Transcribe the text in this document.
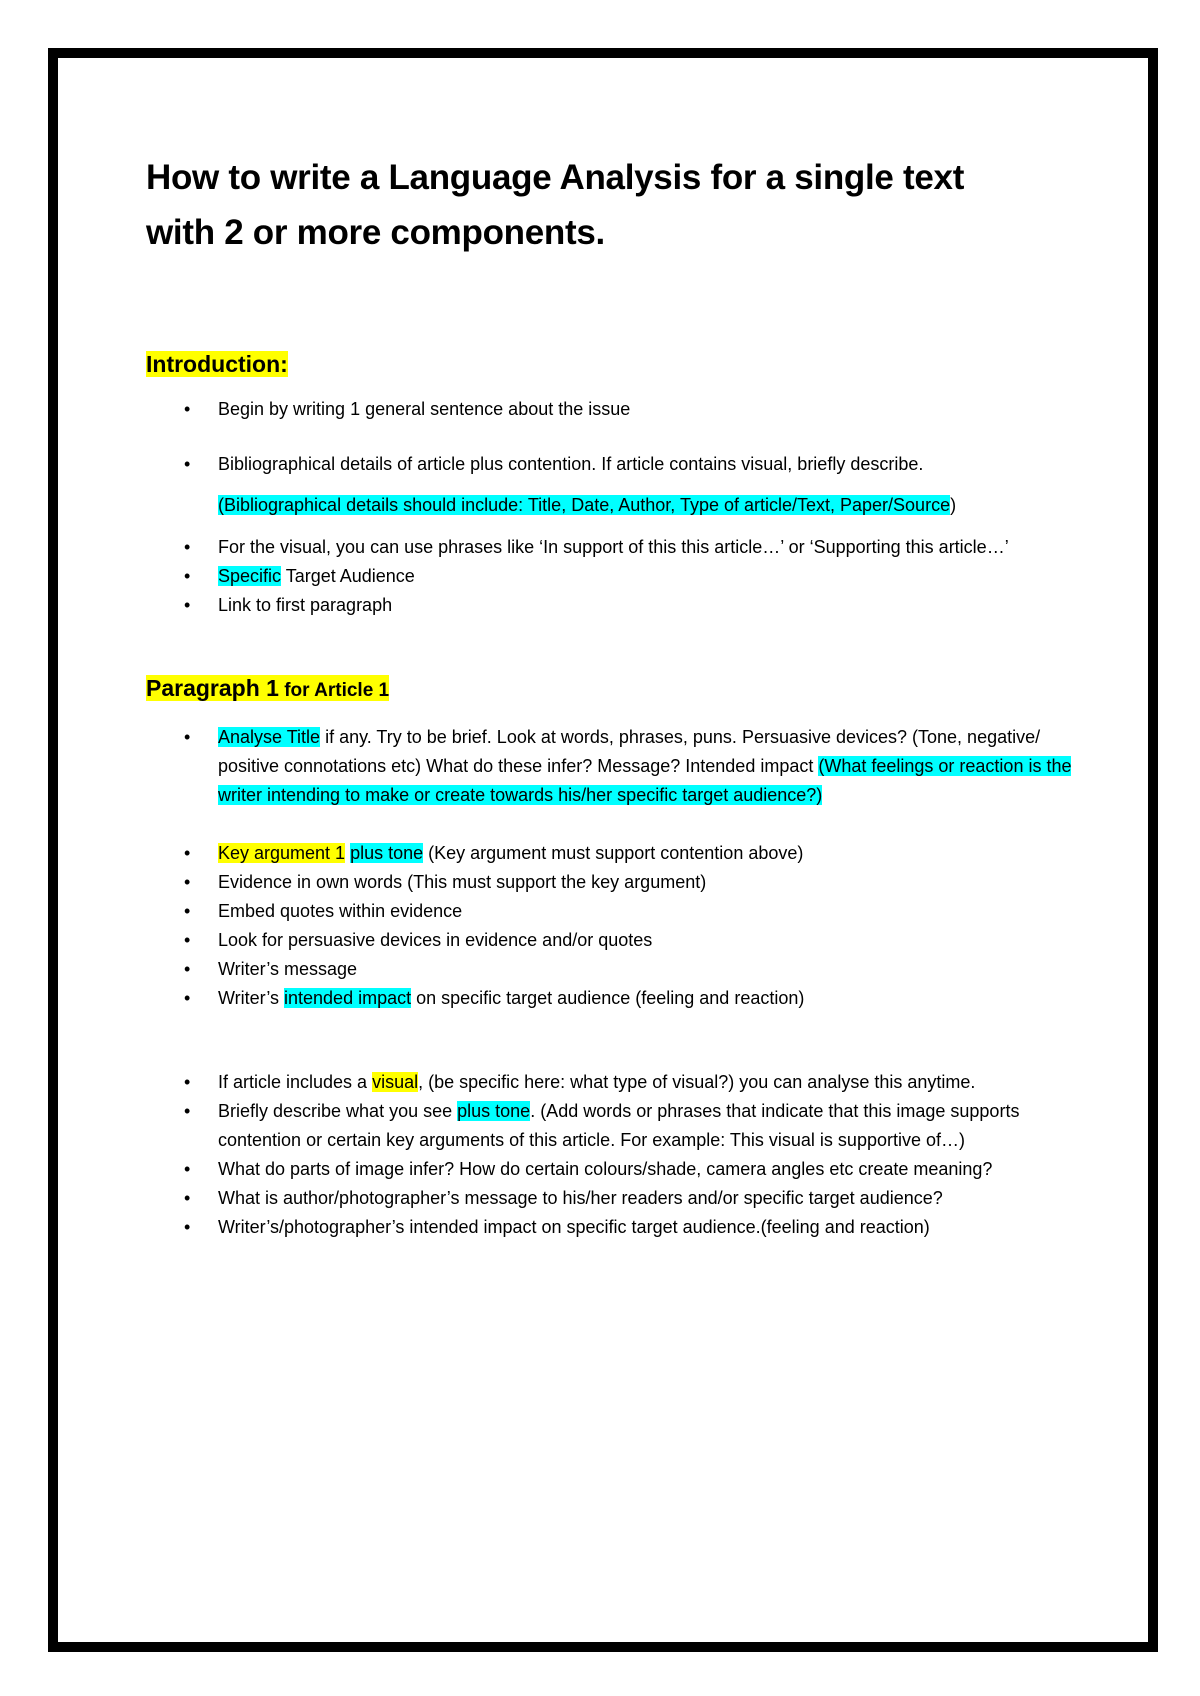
How to write a Language Analysis for a single text
with 2 or more components.
Introduction:
• Begin by writing 1 general sentence about the issue
• Bibliographical details of article plus contention. If article contains visual, briefly describe.

(Bibliographical details should include: Title, Date, Author, Type of article/Text, Paper/Source)

• For the visual, you can use phrases like ‘In support of this this article…’ or ‘Supporting this article…’
• Specific Target Audience
• Link to first paragraph
Paragraph 1 for Article 1
• Analyse Title if any. Try to be brief. Look at words, phrases, puns. Persuasive devices? (Tone, negative/ positive connotations etc) What do these infer? Message? Intended impact (What feelings or reaction is the writer intending to make or create towards his/her specific target audience?)
• Key argument 1 plus tone (Key argument must support contention above)
• Evidence in own words (This must support the key argument)
• Embed quotes within evidence
• Look for persuasive devices in evidence and/or quotes
• Writer’s message
• Writer’s intended impact on specific target audience (feeling and reaction)
• If article includes a visual, (be specific here: what type of visual?) you can analyse this anytime.
• Briefly describe what you see plus tone. (Add words or phrases that indicate that this image supports contention or certain key arguments of this article. For example: This visual is supportive of…)
• What do parts of image infer? How do certain colours/shade, camera angles etc create meaning?
• What is author/photographer’s message to his/her readers and/or specific target audience?
• Writer’s/photographer’s intended impact on specific target audience.(feeling and reaction)
